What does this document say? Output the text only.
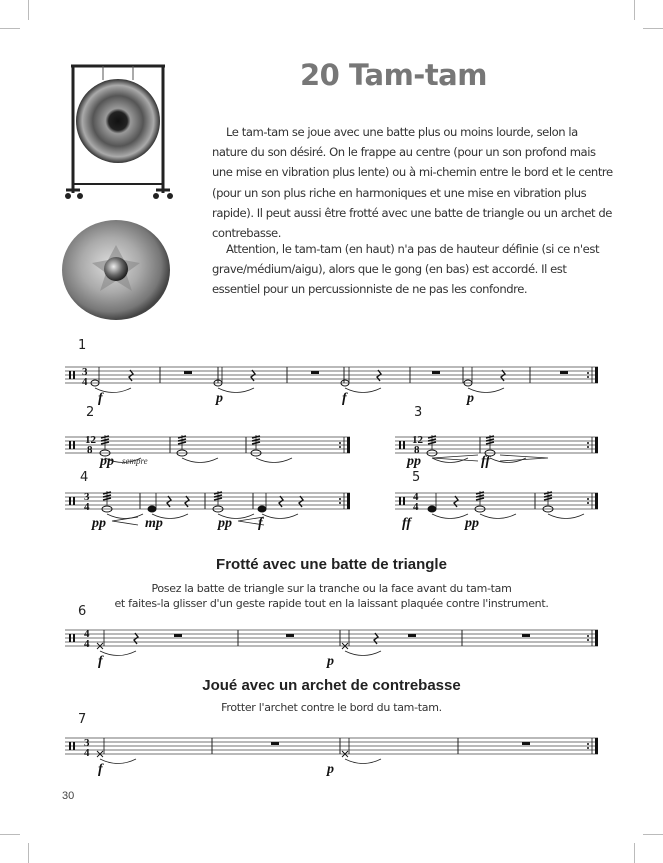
20 Tam-tam

Le tam-tam se joue avec une batte plus ou moins lourde, selon la nature du son désiré. On le frappe au centre (pour un son profond mais une mise en vibration plus lente) ou à mi-chemin entre le bord et le centre (pour un son plus riche en harmoniques et une mise en vibration plus rapide). Il peut aussi être frotté avec une batte de triangle ou un archet de contrebasse.

Attention, le tam-tam (en haut) n'a pas de hauteur définie (si ce n'est grave/médium/aigu), alors que le gong (en bas) est accordé. Il est essentiel pour un percussionniste de ne pas les confondre.

1
2	3
4	5
6
7
Frotté avec une batte de triangle
Posez la batte de triangle sur la tranche ou la face avant du tam-tam
et faites-la glisser d'un geste rapide tout en la laissant plaquée contre l'instrument.
Joué avec un archet de contrebasse
Frotter l'archet contre le bord du tam-tam.
30
3
4
12
8
12
8
3
4
4
4
4
4
3
4
f	p	f	p
pp sempre	pp	ff
pp	mp	pp f	ff	pp
f	p
f	p
